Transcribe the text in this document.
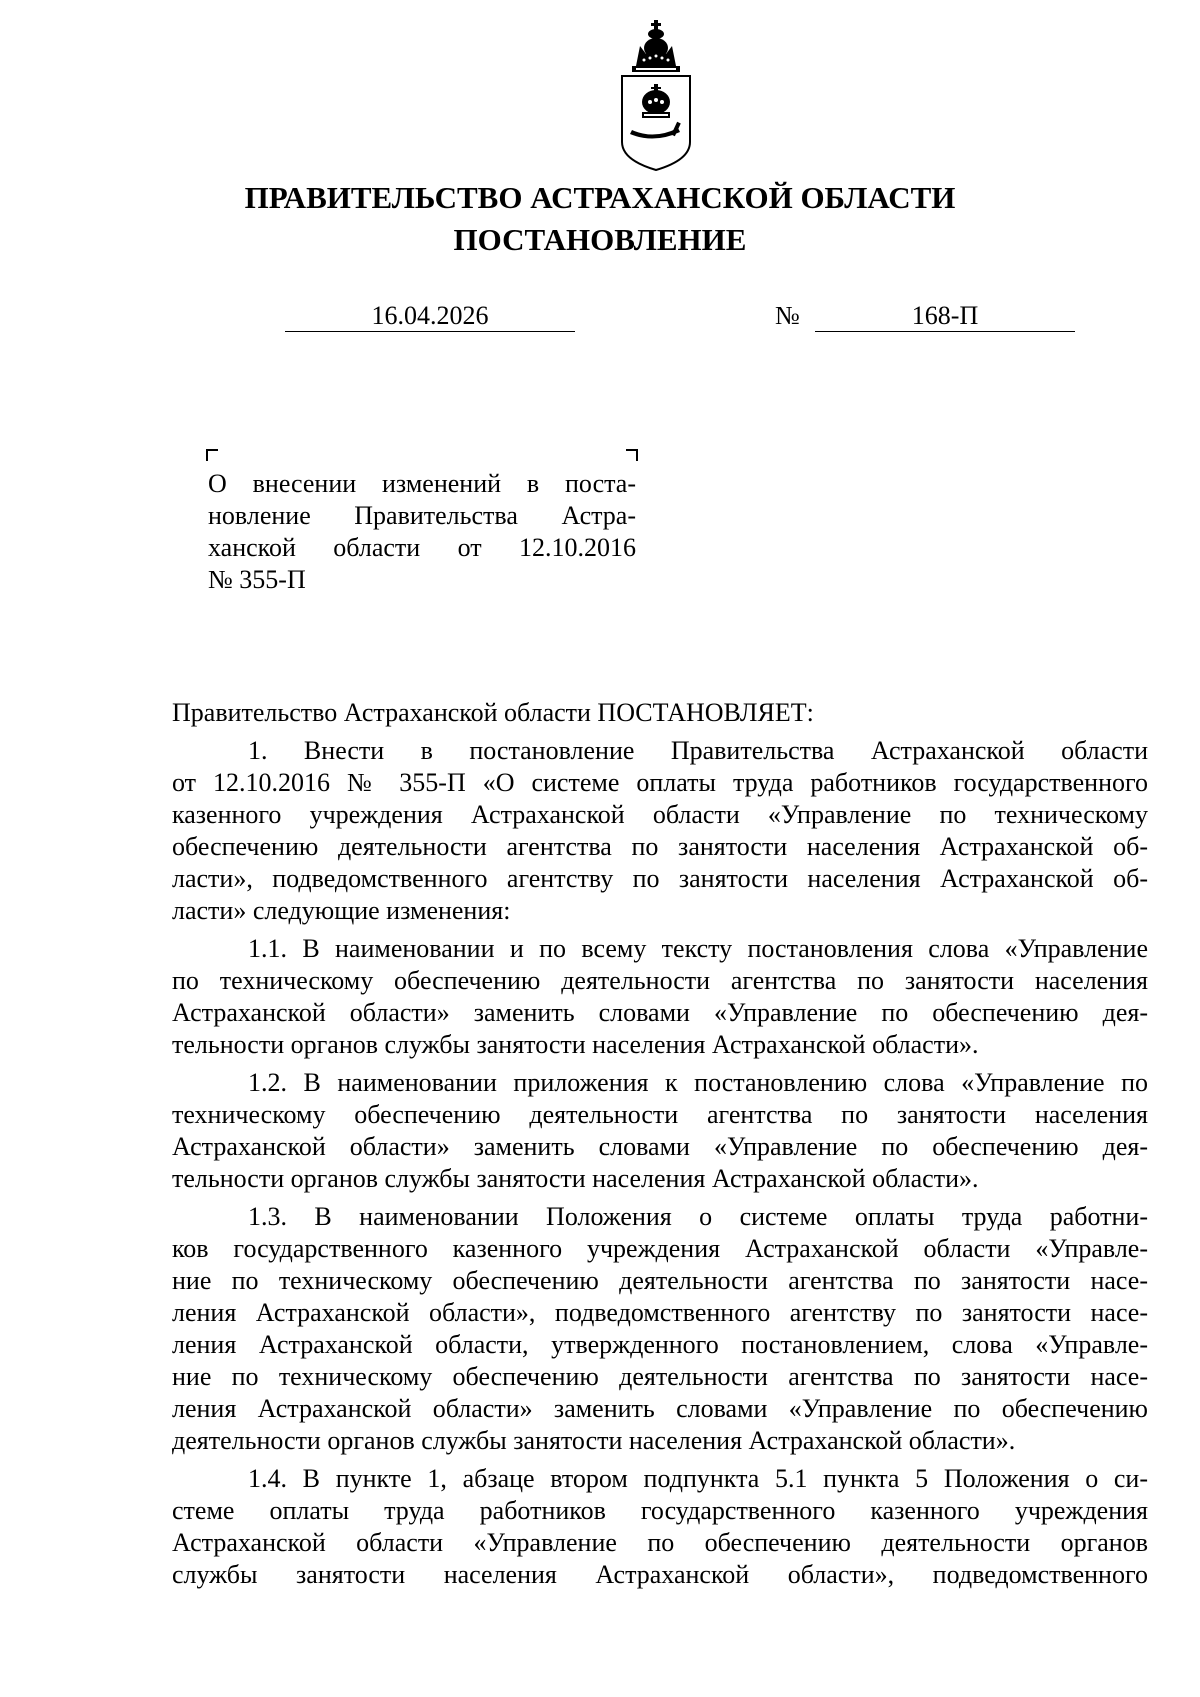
ПРАВИТЕЛЬСТВО АСТРАХАНСКОЙ ОБЛАСТИ
ПОСТАНОВЛЕНИЕ
16.04.2026	№	168-П
О внесении изменений в поста-
новление Правительства Астра-
ханской области от 12.10.2016
№ 355-П
Правительство Астраханской области ПОСТАНОВЛЯЕТ:
1. Внести в постановление Правительства Астраханской области
от 12.10.2016 № 355-П «О системе оплаты труда работников государственного
казенного учреждения Астраханской области «Управление по техническому
обеспечению деятельности агентства по занятости населения Астраханской об-
ласти», подведомственного агентству по занятости населения Астраханской об-
ласти» следующие изменения:
1.1. В наименовании и по всему тексту постановления слова «Управление
по техническому обеспечению деятельности агентства по занятости населения
Астраханской области» заменить словами «Управление по обеспечению дея-
тельности органов службы занятости населения Астраханской области».
1.2. В наименовании приложения к постановлению слова «Управление по
техническому обеспечению деятельности агентства по занятости населения
Астраханской области» заменить словами «Управление по обеспечению дея-
тельности органов службы занятости населения Астраханской области».
1.3. В наименовании Положения о системе оплаты труда работни-
ков государственного казенного учреждения Астраханской области «Управле-
ние по техническому обеспечению деятельности агентства по занятости насе-
ления Астраханской области», подведомственного агентству по занятости насе-
ления Астраханской области, утвержденного постановлением, слова «Управле-
ние по техническому обеспечению деятельности агентства по занятости насе-
ления Астраханской области» заменить словами «Управление по обеспечению
деятельности органов службы занятости населения Астраханской области».
1.4. В пункте 1, абзаце втором подпункта 5.1 пункта 5 Положения о си-
стеме оплаты труда работников государственного казенного учреждения
Астраханской области «Управление по обеспечению деятельности органов
службы занятости населения Астраханской области», подведомственного
